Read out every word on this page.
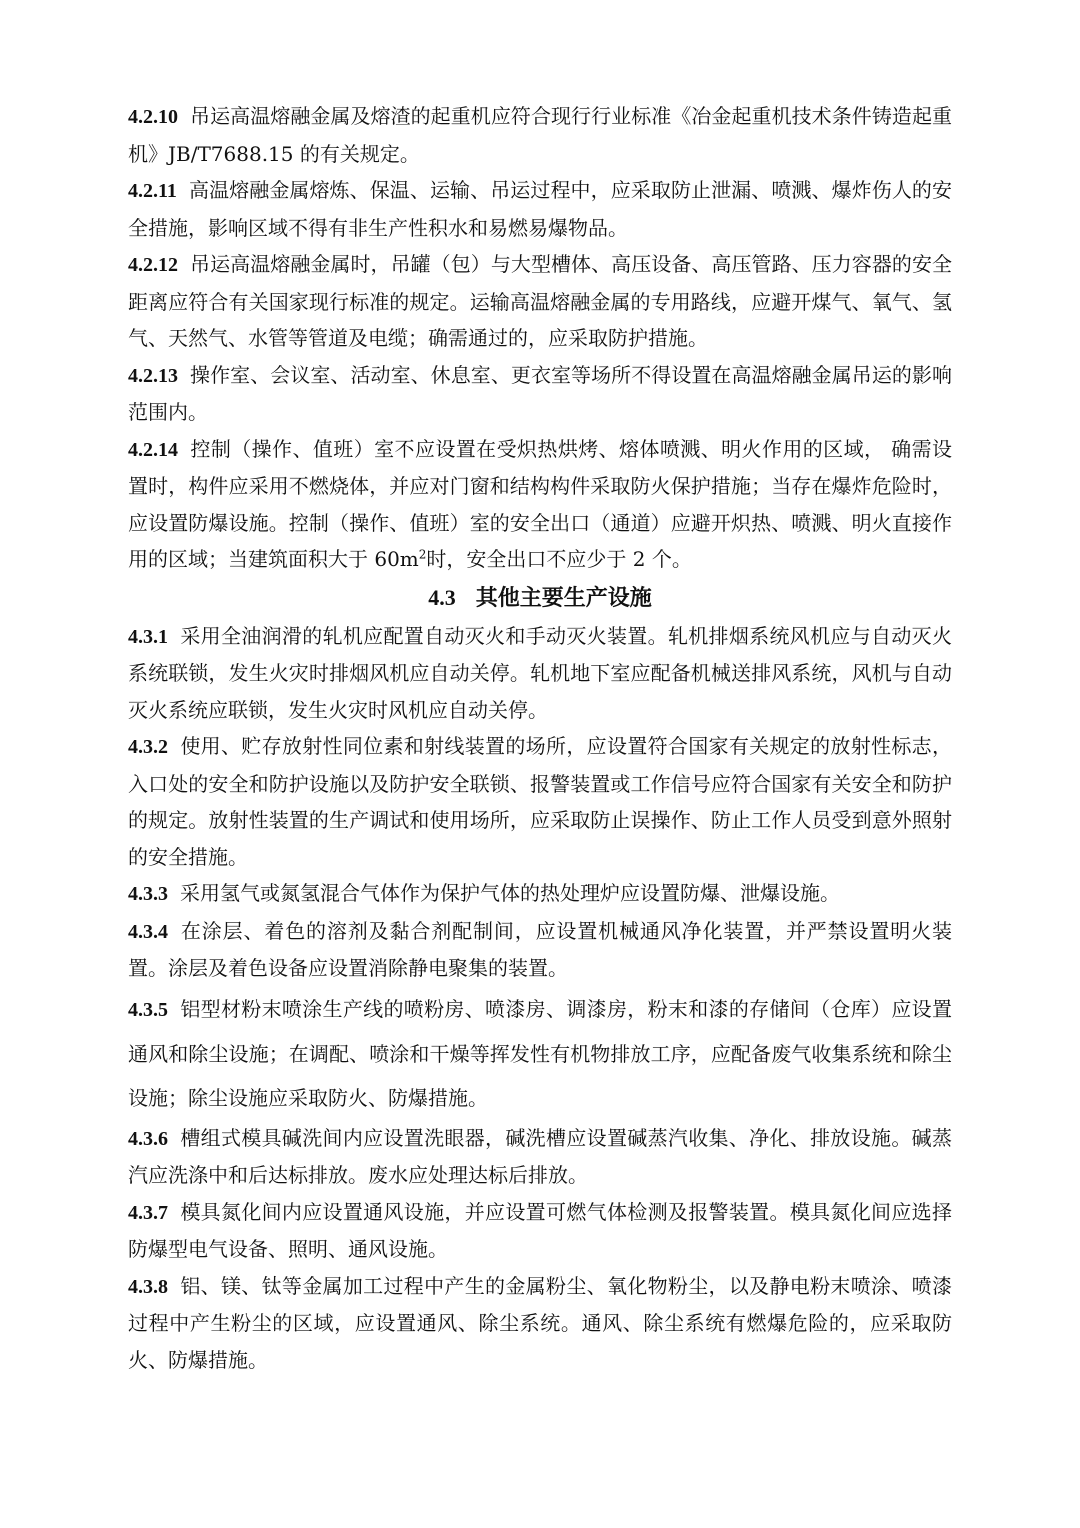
4.2.10 吊运高温熔融金属及熔渣的起重机应符合现行行业标准《冶金起重机技术条件铸造起重机》JB/T7688.15 的有关规定。

4.2.11 高温熔融金属熔炼、保温、运输、吊运过程中，应采取防止泄漏、喷溅、爆炸伤人的安全措施，影响区域不得有非生产性积水和易燃易爆物品。

4.2.12 吊运高温熔融金属时，吊罐（包）与大型槽体、高压设备、高压管路、压力容器的安全距离应符合有关国家现行标准的规定。运输高温熔融金属的专用路线，应避开煤气、氧气、氢气、天然气、水管等管道及电缆；确需通过的，应采取防护措施。

4.2.13 操作室、会议室、活动室、休息室、更衣室等场所不得设置在高温熔融金属吊运的影响范围内。

4.2.14 控制（操作、值班）室不应设置在受炽热烘烤、熔体喷溅、明火作用的区域， 确需设置时，构件应采用不燃烧体，并应对门窗和结构构件采取防火保护措施；当存在爆炸危险时，应设置防爆设施。控制（操作、值班）室的安全出口（通道）应避开炽热、喷溅、明火直接作用的区域；当建筑面积大于 $60m^2$时，安全出口不应少于 2 个。

4.3 其他主要生产设施

4.3.1 采用全油润滑的轧机应配置自动灭火和手动灭火装置。轧机排烟系统风机应与自动灭火系统联锁，发生火灾时排烟风机应自动关停。轧机地下室应配备机械送排风系统，风机与自动灭火系统应联锁，发生火灾时风机应自动关停。

4.3.2 使用、贮存放射性同位素和射线装置的场所，应设置符合国家有关规定的放射性标志，入口处的安全和防护设施以及防护安全联锁、报警装置或工作信号应符合国家有关安全和防护的规定。放射性装置的生产调试和使用场所，应采取防止误操作、防止工作人员受到意外照射的安全措施。

4.3.3 采用氢气或氮氢混合气体作为保护气体的热处理炉应设置防爆、泄爆设施。

4.3.4 在涂层、着色的溶剂及黏合剂配制间，应设置机械通风净化装置，并严禁设置明火装置。涂层及着色设备应设置消除静电聚集的装置。

4.3.5 铝型材粉末喷涂生产线的喷粉房、喷漆房、调漆房，粉末和漆的存储间（仓库）应设置通风和除尘设施；在调配、喷涂和干燥等挥发性有机物排放工序，应配备废气收集系统和除尘设施；除尘设施应采取防火、防爆措施。

4.3.6 槽组式模具碱洗间内应设置洗眼器，碱洗槽应设置碱蒸汽收集、净化、排放设施。碱蒸汽应洗涤中和后达标排放。废水应处理达标后排放。

4.3.7 模具氮化间内应设置通风设施，并应设置可燃气体检测及报警装置。模具氮化间应选择防爆型电气设备、照明、通风设施。

4.3.8 铝、镁、钛等金属加工过程中产生的金属粉尘、氧化物粉尘，以及静电粉末喷涂、喷漆过程中产生粉尘的区域，应设置通风、除尘系统。通风、除尘系统有燃爆危险的，应采取防火、防爆措施。
